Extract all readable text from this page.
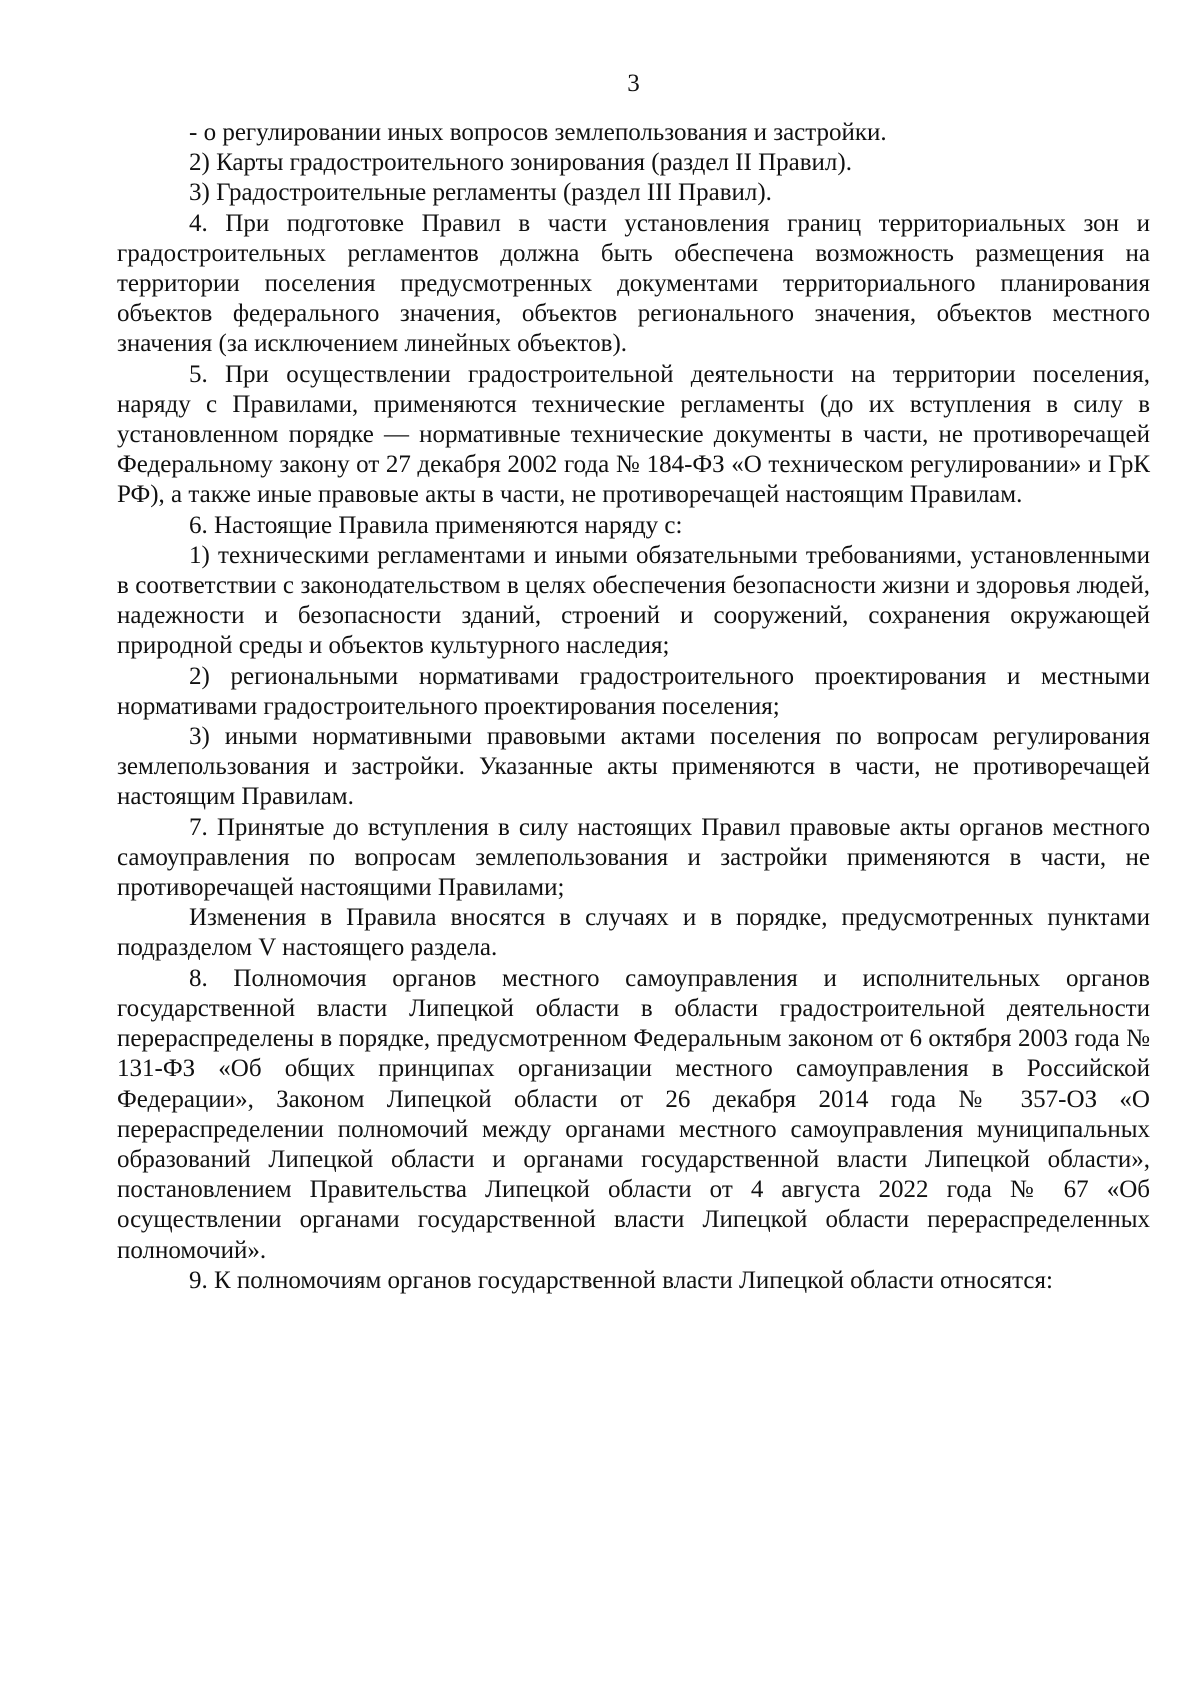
3

- о регулировании иных вопросов землепользования и застройки.

2) Карты градостроительного зонирования (раздел II Правил).

3) Градостроительные регламенты (раздел III Правил).

4. При подготовке Правил в части установления границ территориальных зон и градостроительных регламентов должна быть обеспечена возможность размещения на территории поселения предусмотренных документами территориального планирования объектов федерального значения, объектов регионального значения, объектов местного значения (за исключением линейных объектов).

5. При осуществлении градостроительной деятельности на территории поселения, наряду с Правилами, применяются технические регламенты (до их вступления в силу в установленном порядке — нормативные технические документы в части, не противоречащей Федеральному закону от 27 декабря 2002 года № 184-ФЗ «О техническом регулировании» и ГрК РФ), а также иные правовые акты в части, не противоречащей настоящим Правилам.

6. Настоящие Правила применяются наряду с:

1) техническими регламентами и иными обязательными требованиями, установленными в соответствии с законодательством в целях обеспечения безопасности жизни и здоровья людей, надежности и безопасности зданий, строений и сооружений, сохранения окружающей природной среды и объектов культурного наследия;

2) региональными нормативами градостроительного проектирования и местными нормативами градостроительного проектирования поселения;

3) иными нормативными правовыми актами поселения по вопросам регулирования землепользования и застройки. Указанные акты применяются в части, не противоречащей настоящим Правилам.

7. Принятые до вступления в силу настоящих Правил правовые акты органов местного самоуправления по вопросам землепользования и застройки применяются в части, не противоречащей настоящими Правилами;

Изменения в Правила вносятся в случаях и в порядке, предусмотренных пунктами подразделом V настоящего раздела.

8. Полномочия органов местного самоуправления и исполнительных органов государственной власти Липецкой области в области градостроительной деятельности перераспределены в порядке, предусмотренном Федеральным законом от 6 октября 2003 года № 131-ФЗ «Об общих принципах организации местного самоуправления в Российской Федерации», Законом Липецкой области от 26 декабря 2014 года № 357-ОЗ «О перераспределении полномочий между органами местного самоуправления муниципальных образований Липецкой области и органами государственной власти Липецкой области», постановлением Правительства Липецкой области от 4 августа 2022 года № 67 «Об осуществлении органами государственной власти Липецкой области перераспределенных полномочий».

9. К полномочиям органов государственной власти Липецкой области относятся:
